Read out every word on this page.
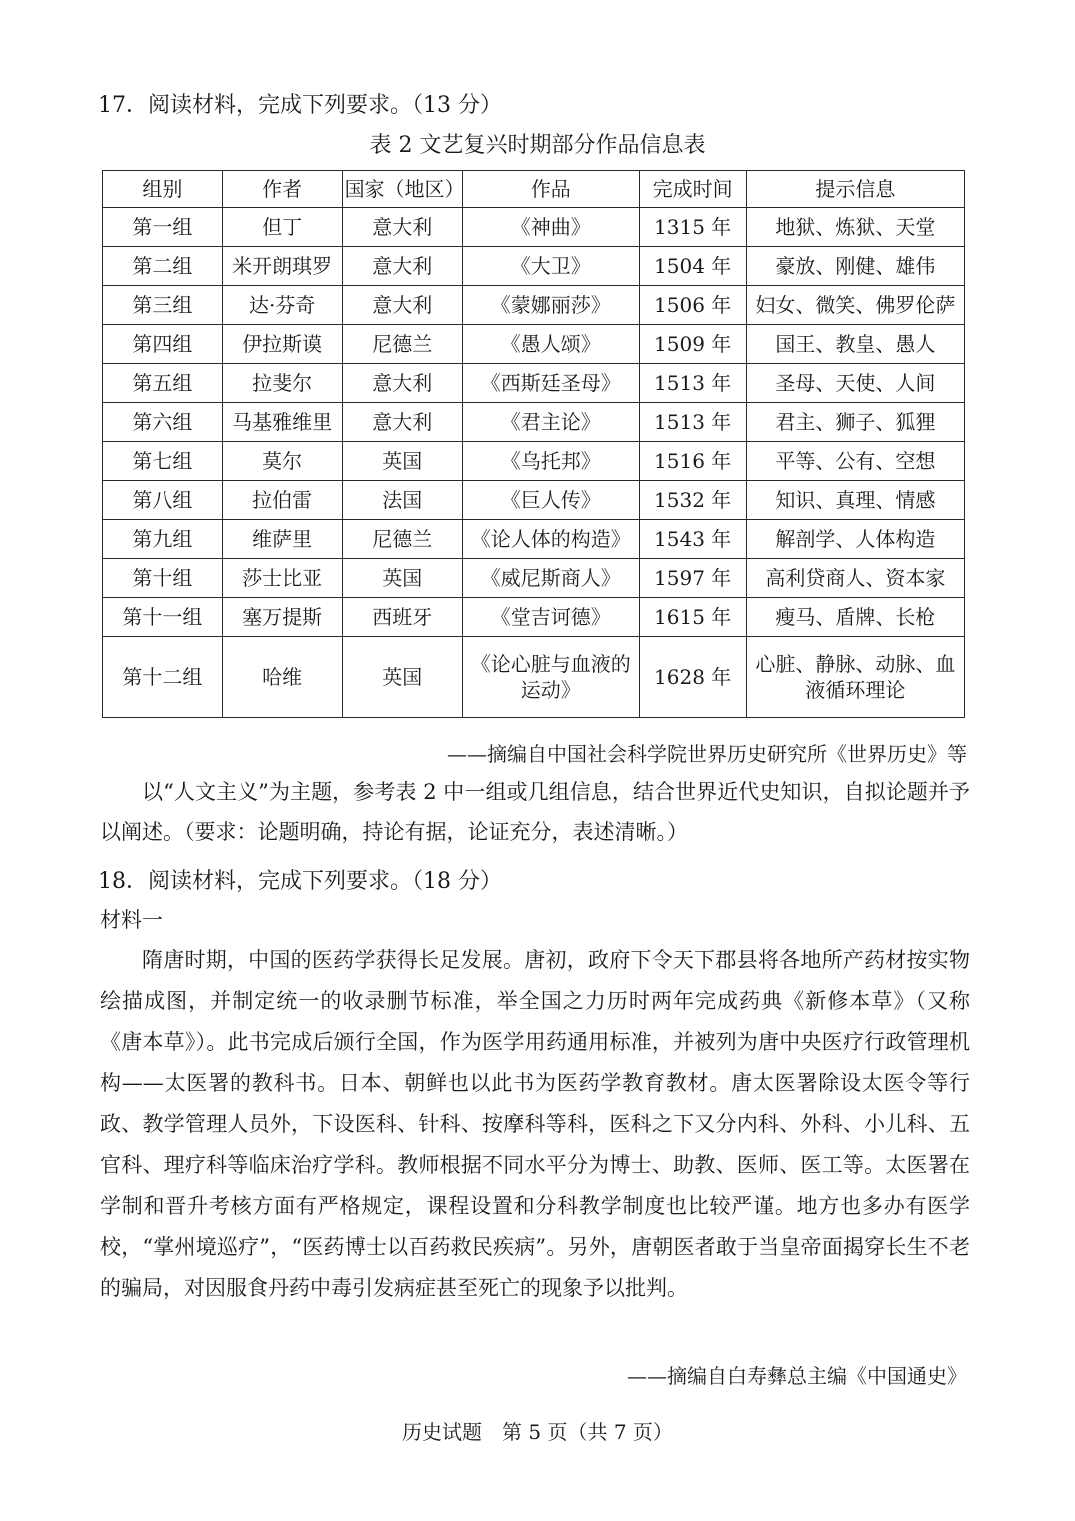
17．阅读材料，完成下列要求。（13 分）
表 2 文艺复兴时期部分作品信息表
组别	作者	国家（地区）	作品	完成时间	提示信息
第一组	但丁	意大利	《神曲》	1315 年	地狱、炼狱、天堂
第二组	米开朗琪罗	意大利	《大卫》	1504 年	豪放、刚健、雄伟
第三组	达·芬奇	意大利	《蒙娜丽莎》	1506 年	妇女、微笑、佛罗伦萨
第四组	伊拉斯谟	尼德兰	《愚人颂》	1509 年	国王、教皇、愚人
第五组	拉斐尔	意大利	《西斯廷圣母》	1513 年	圣母、天使、人间
第六组	马基雅维里	意大利	《君主论》	1513 年	君主、狮子、狐狸
第七组	莫尔	英国	《乌托邦》	1516 年	平等、公有、空想
第八组	拉伯雷	法国	《巨人传》	1532 年	知识、真理、情感
第九组	维萨里	尼德兰	《论人体的构造》	1543 年	解剖学、人体构造
第十组	莎士比亚	英国	《威尼斯商人》	1597 年	高利贷商人、资本家
第十一组	塞万提斯	西班牙	《堂吉诃德》	1615 年	瘦马、盾牌、长枪
第十二组	哈维	英国	《论心脏与血液的运动》	1628 年	心脏、静脉、动脉、血液循环理论

——摘编自中国社会科学院世界历史研究所《世界历史》等

以“人文主义”为主题，参考表 2 中一组或几组信息，结合世界近代史知识，自拟论题并予以阐述。（要求：论题明确，持论有据，论证充分，表述清晰。）

18．阅读材料，完成下列要求。（18 分）
材料一

隋唐时期，中国的医药学获得长足发展。唐初，政府下令天下郡县将各地所产药材按实物绘描成图，并制定统一的收录删节标准，举全国之力历时两年完成药典《新修本草》（又称《唐本草》）。此书完成后颁行全国，作为医学用药通用标准，并被列为唐中央医疗行政管理机构——太医署的教科书。日本、朝鲜也以此书为医药学教育教材。唐太医署除设太医令等行政、教学管理人员外，下设医科、针科、按摩科等科，医科之下又分内科、外科、小儿科、五官科、理疗科等临床治疗学科。教师根据不同水平分为博士、助教、医师、医工等。太医署在学制和晋升考核方面有严格规定，课程设置和分科教学制度也比较严谨。地方也多办有医学校，“掌州境巡疗”，“医药博士以百药救民疾病”。另外，唐朝医者敢于当皇帝面揭穿长生不老的骗局，对因服食丹药中毒引发病症甚至死亡的现象予以批判。

——摘编自白寿彝总主编《中国通史》

历史试题　第 5 页（共 7 页）
